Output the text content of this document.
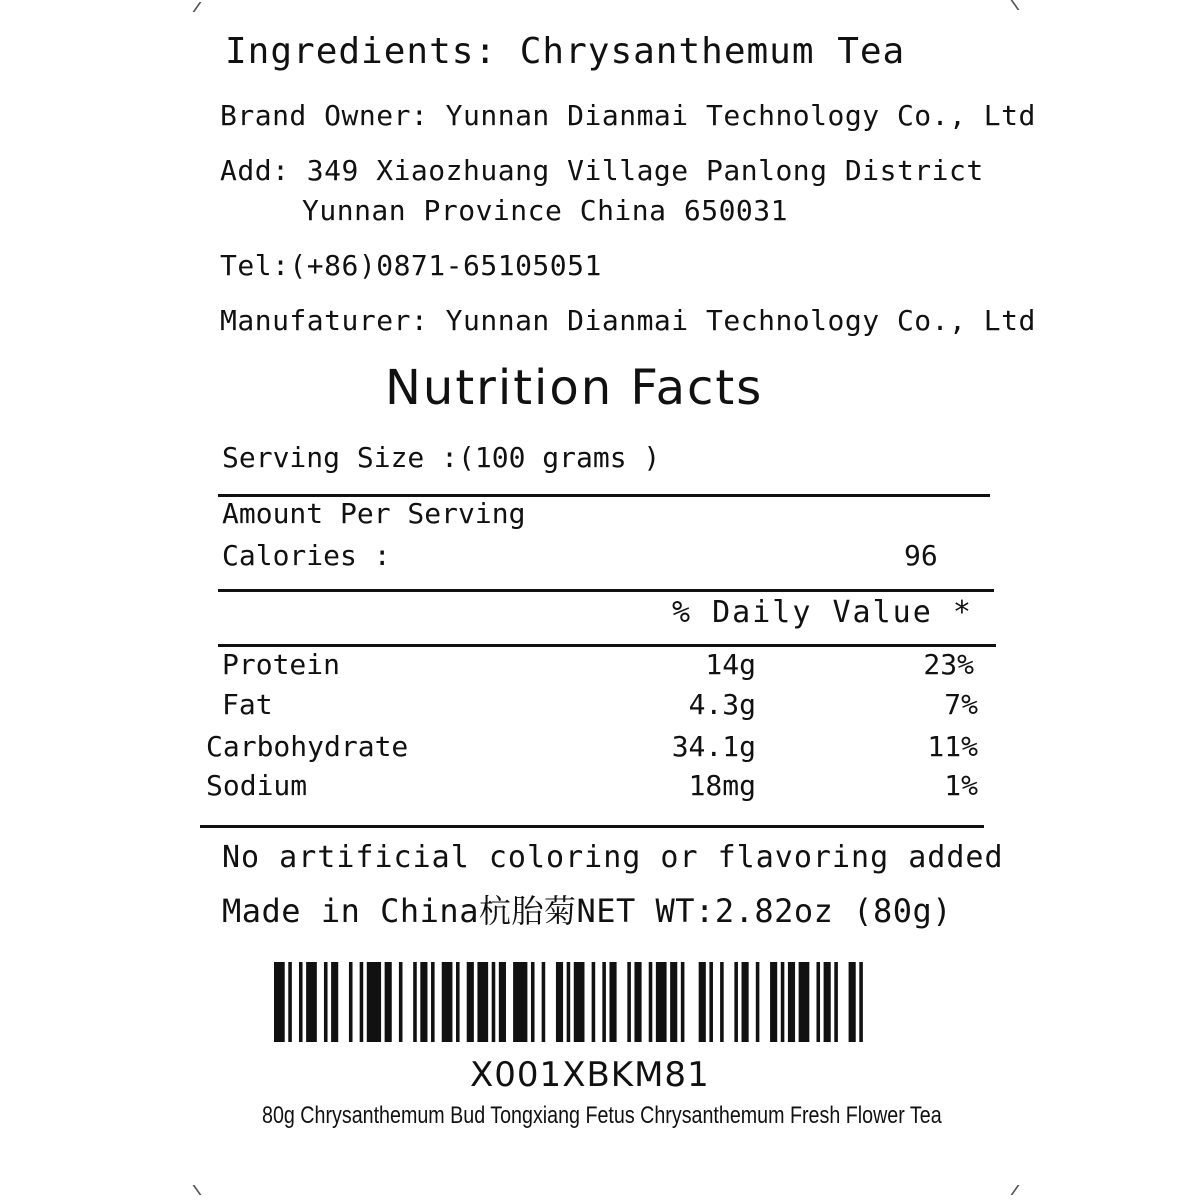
Ingredients: Chrysanthemum Tea
Brand Owner: Yunnan Dianmai Technology Co., Ltd
Add: 349 Xiaozhuang Village Panlong District
Yunnan Province China 650031
Tel:(+86)0871-65105051
Manufaturer: Yunnan Dianmai Technology Co., Ltd
Nutrition Facts
Serving Size :(100 grams )
Amount Per Serving
Calories :	96
% Daily Value *
Protein	14g	23%
Fat	4.3g	7%
Carbohydrate	34.1g	11%
Sodium	18mg	1%
No artificial coloring or flavoring added
Made in China杭胎菊NET WT:2.82oz (80g)
X001XBKM81
80g Chrysanthemum Bud Tongxiang Fetus Chrysanthemum Fresh Flower Tea
